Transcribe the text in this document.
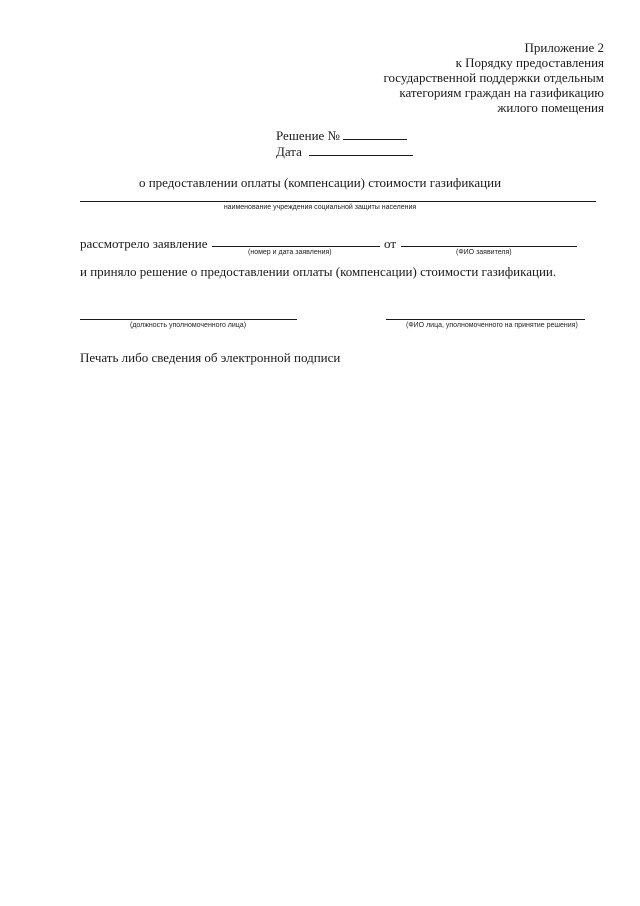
Приложение 2
к Порядку предоставления
государственной поддержки отдельным
категориям граждан на газификацию
жилого помещения
Решение №
Дата
о предоставлении оплаты (компенсации) стоимости газификации
наименование учреждения социальной защиты населения
рассмотрело заявление	от
(номер и дата заявления)	(ФИО заявителя)
и приняло решение о предоставлении оплаты (компенсации) стоимости газификации.
(должность уполномоченного лица)	(ФИО лица, уполномоченного на принятие решения)
Печать либо сведения об электронной подписи
